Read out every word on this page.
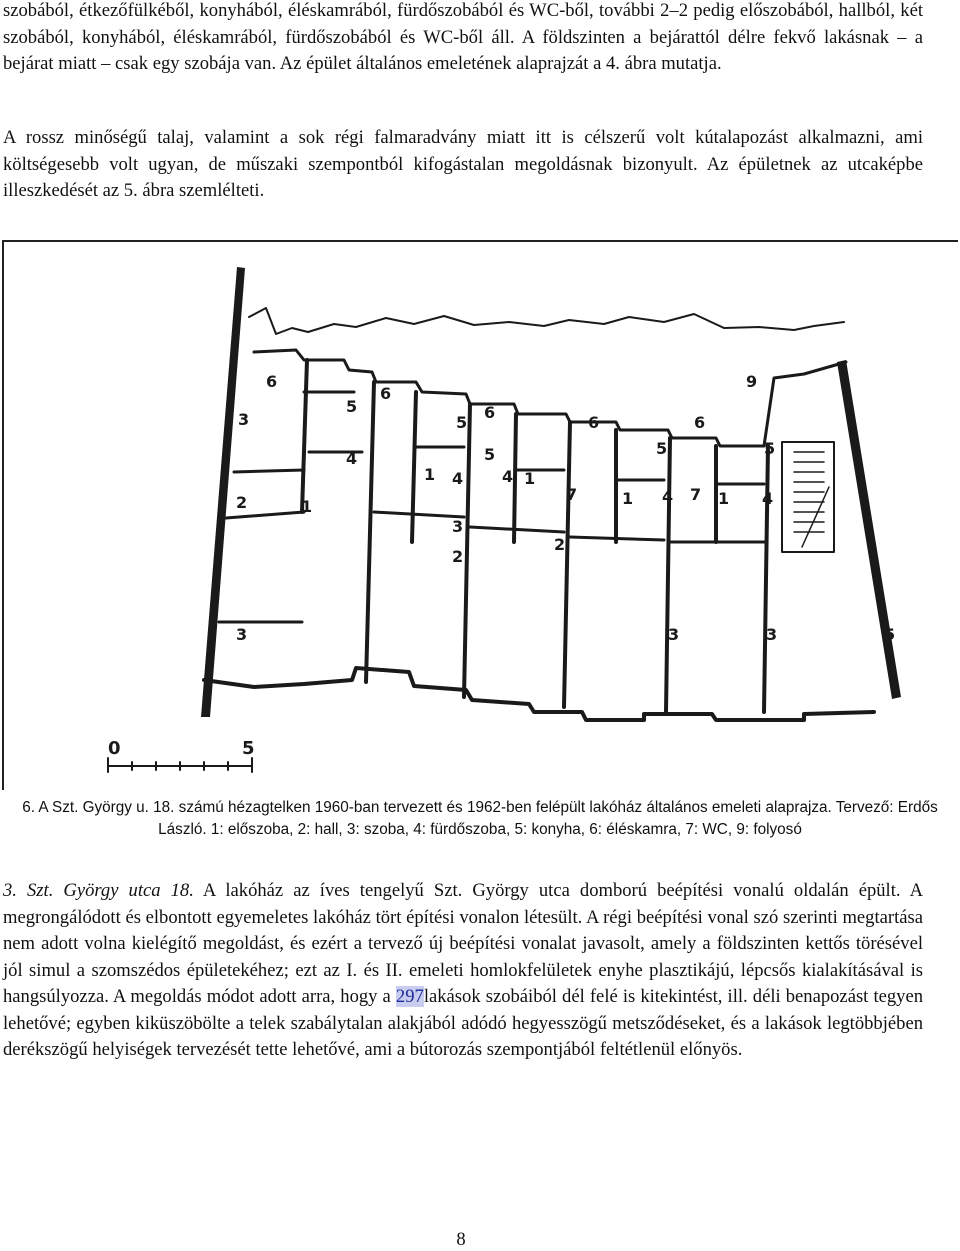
szobából, étkezőfülkéből, konyhából, éléskamrából, fürdőszobából és WC-ből, további 2–2 pedig előszobából, hallból, két szobából, konyhából, éléskamrából, fürdőszobából és WC-ből áll. A földszinten a bejárattól délre fekvő lakásnak – a bejárat miatt – csak egy szobája van. Az épület általános emeletének alaprajzát a 4. ábra mutatja.

A rossz minőségű talaj, valamint a sok régi falmaradvány miatt itt is célszerű volt kútalapozást alkalmazni, ami költségesebb volt ugyan, de műszaki szempontból kifogástalan megoldásnak bizonyult. Az épületnek az utcaképbe illeszkedését az 5. ábra szemlélteti.

6
5
4
3
2	1
6
5
4
1
3
2
6
5
4 1
2
7
6
5
4
1
3
7
6
5
4
1
3
9
5
3
0	5
6. A Szt. György u. 18. számú hézagtelken 1960-ban tervezett és 1962-ben felépült lakóház általános emeleti alaprajza. Tervező: Erdős László. 1: előszoba, 2: hall, 3: szoba, 4: fürdőszoba, 5: konyha, 6: éléskamra, 7: WC, 9: folyosó

3. Szt. György utca 18. A lakóház az íves tengelyű Szt. György utca domború beépítési vonalú oldalán épült. A megrongálódott és elbontott egyemeletes lakóház tört építési vonalon létesült. A régi beépítési vonal szó szerinti megtartása nem adott volna kielégítő megoldást, és ezért a tervező új beépítési vonalat javasolt, amely a földszinten kettős törésével jól simul a szomszédos épületekéhez; ezt az I. és II. emeleti homlokfelületek enyhe plasztikájú, lépcsős kialakításával is hangsúlyozza. A megoldás módot adott arra, hogy a 297lakások szobáiból dél felé is kitekintést, ill. déli benapozást tegyen lehetővé; egyben kiküszöbölte a telek szabálytalan alakjából adódó hegyesszögű metsződéseket, és a lakások legtöbbjében derékszögű helyiségek tervezését tette lehetővé, ami a bútorozás szempontjából feltétlenül előnyös.

8
